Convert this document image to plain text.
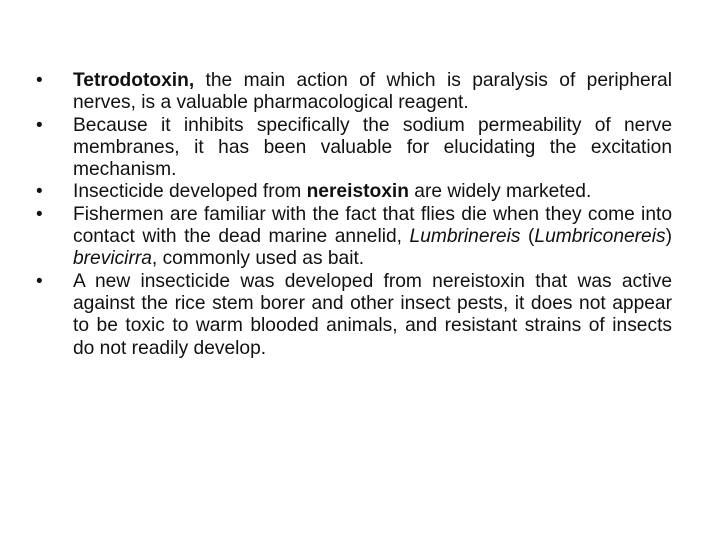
•	Tetrodotoxin, the main action of which is paralysis of peripheral nerves, is a valuable pharmacological reagent.
•	Because it inhibits specifically the sodium permeability of nerve membranes, it has been valuable for elucidating the excitation mechanism.
•	Insecticide developed from nereistoxin are widely marketed.
•	Fishermen are familiar with the fact that flies die when they come into contact with the dead marine annelid, Lumbrinereis (Lumbriconereis) brevicirra, commonly used as bait.
•	A new insecticide was developed from nereistoxin that was active against the rice stem borer and other insect pests, it does not appear to be toxic to warm blooded animals, and resistant strains of insects do not readily develop.
